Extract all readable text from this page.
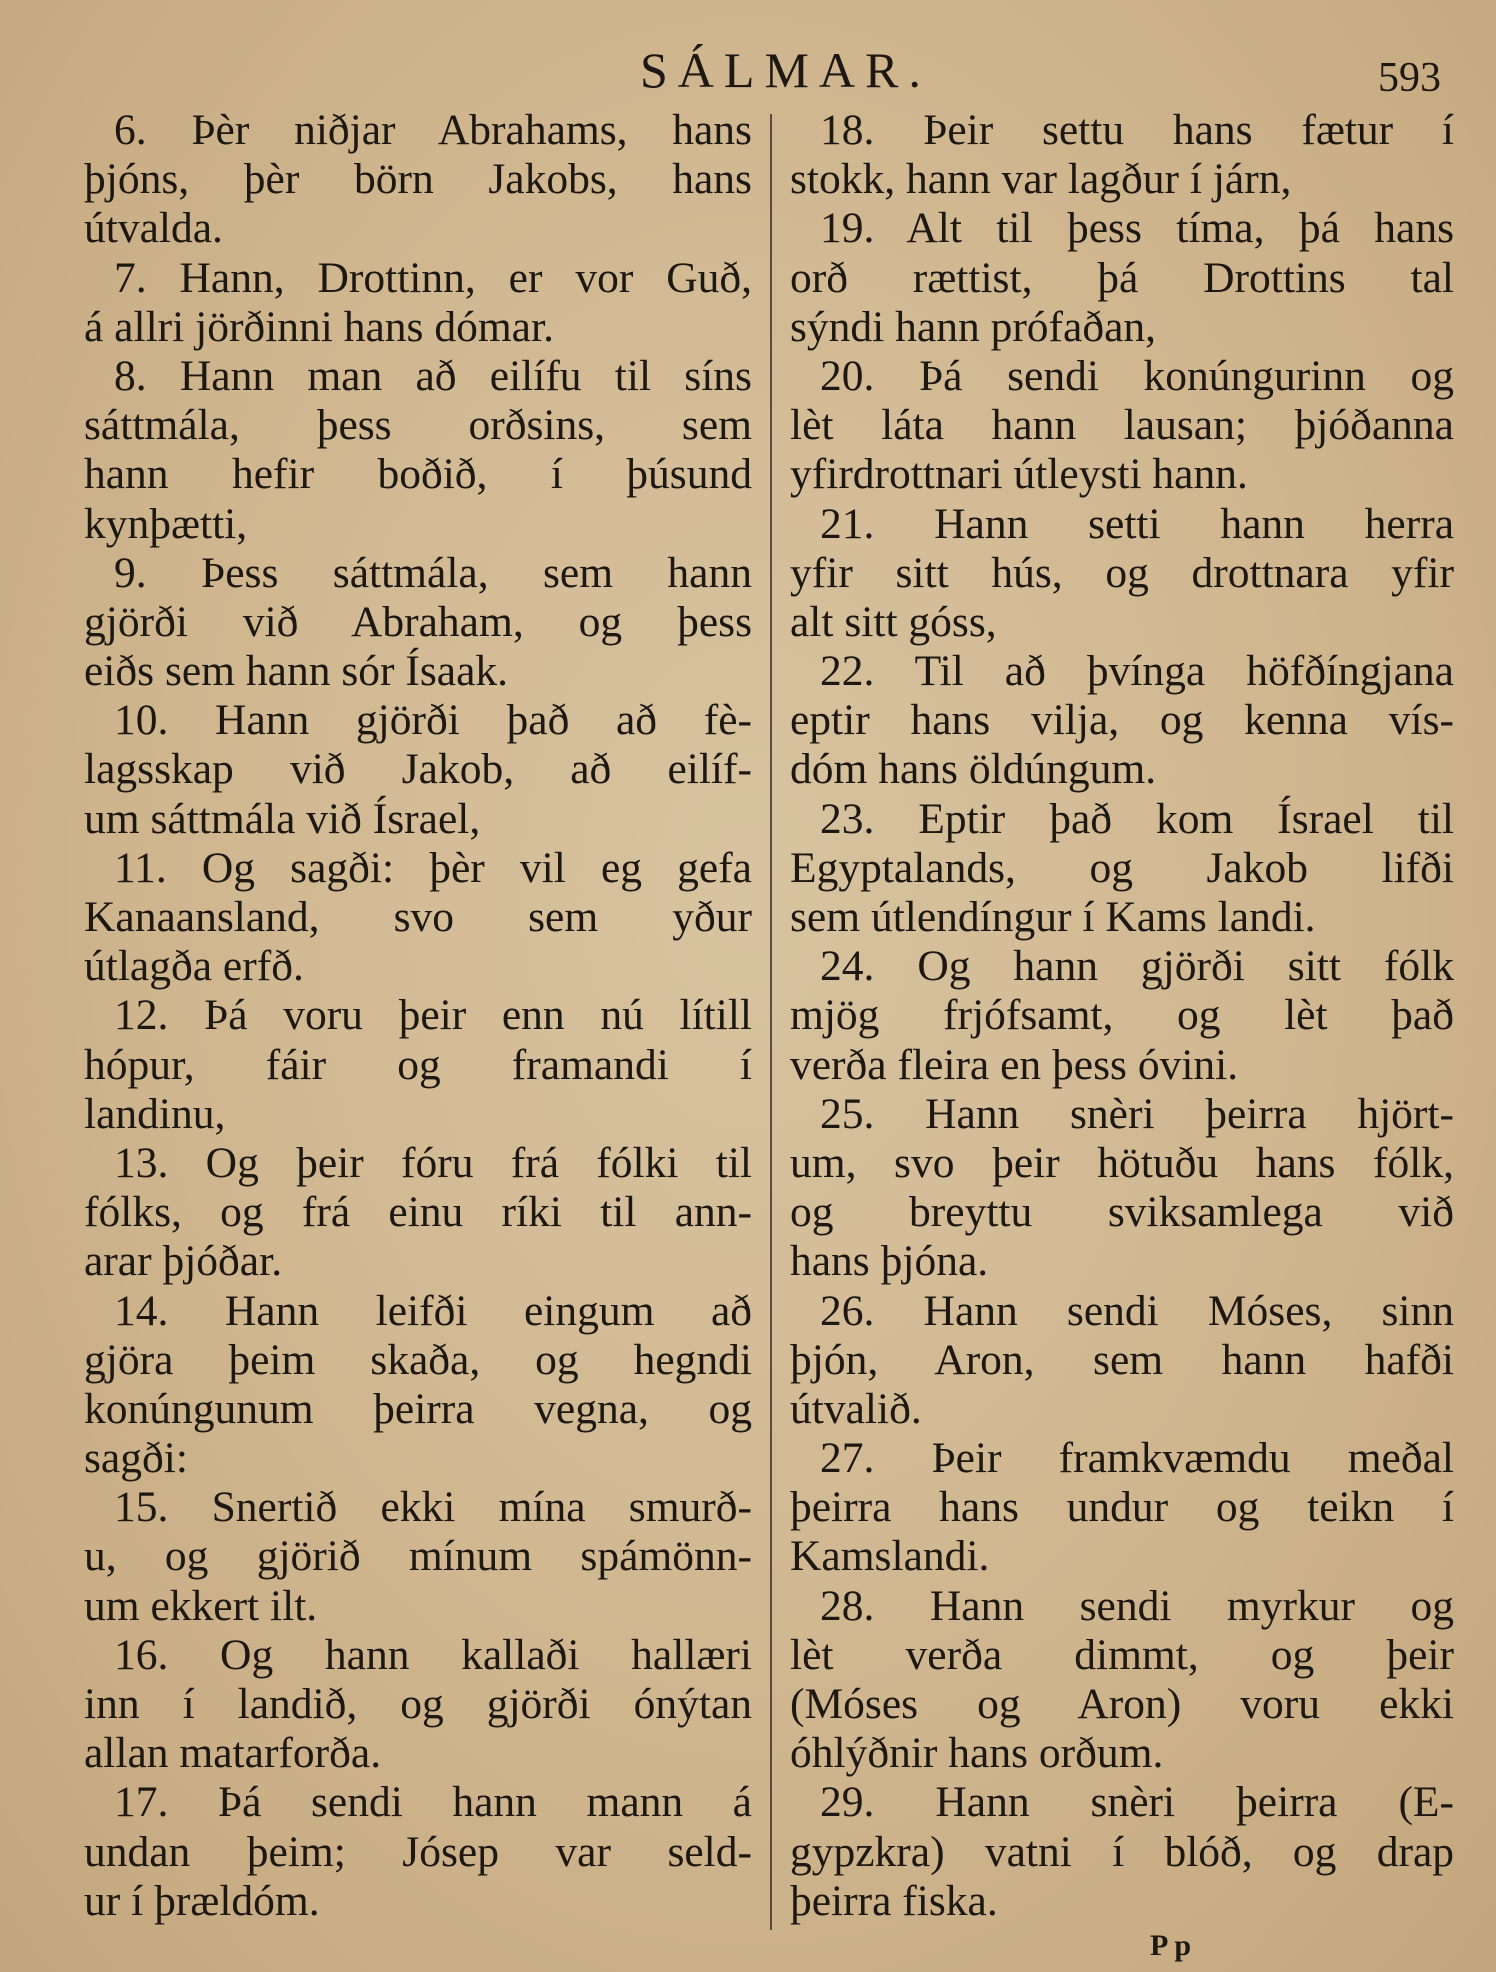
SÁLMAR.	593
6. Þèr niðjar Abrahams, hans
þjóns, þèr börn Jakobs, hans
útvalda.
7. Hann, Drottinn, er vor Guð,
á allri jörðinni hans dómar.
8. Hann man að eilífu til síns
sáttmála, þess orðsins, sem
hann hefir boðið, í þúsund
kynþætti,
9. Þess sáttmála, sem hann
gjörði við Abraham, og þess
eiðs sem hann sór Ísaak.
10. Hann gjörði það að fè-
lagsskap við Jakob, að eilíf-
um sáttmála við Ísrael,
11. Og sagði: þèr vil eg gefa
Kanaansland, svo sem yður
útlagða erfð.
12. Þá voru þeir enn nú lítill
hópur, fáir og framandi í
landinu,
13. Og þeir fóru frá fólki til
fólks, og frá einu ríki til ann-
arar þjóðar.
14. Hann leifði eingum að
gjöra þeim skaða, og hegndi
konúngunum þeirra vegna, og
sagði:
15. Snertið ekki mína smurð-
u, og gjörið mínum spámönn-
um ekkert ilt.
16. Og hann kallaði hallæri
inn í landið, og gjörði ónýtan
allan matarforða.
17. Þá sendi hann mann á
undan þeim; Jósep var seld-
ur í þrældóm.
18. Þeir settu hans fætur í
stokk, hann var lagður í járn,
19. Alt til þess tíma, þá hans
orð rættist, þá Drottins tal
sýndi hann prófaðan,
20. Þá sendi konúngurinn og
lèt láta hann lausan; þjóðanna
yfirdrottnari útleysti hann.
21. Hann setti hann herra
yfir sitt hús, og drottnara yfir
alt sitt góss,
22. Til að þvínga höfðíngjana
eptir hans vilja, og kenna vís-
dóm hans öldúngum.
23. Eptir það kom Ísrael til
Egyptalands, og Jakob lifði
sem útlendíngur í Kams landi.
24. Og hann gjörði sitt fólk
mjög frjófsamt, og lèt það
verða fleira en þess óvini.
25. Hann snèri þeirra hjört-
um, svo þeir hötuðu hans fólk,
og breyttu sviksamlega við
hans þjóna.
26. Hann sendi Móses, sinn
þjón, Aron, sem hann hafði
útvalið.
27. Þeir framkvæmdu meðal
þeirra hans undur og teikn í
Kamslandi.
28. Hann sendi myrkur og
lèt verða dimmt, og þeir
(Móses og Aron) voru ekki
óhlýðnir hans orðum.
29. Hann snèri þeirra (E-
gypzkra) vatni í blóð, og drap
þeirra fiska.
Pp
